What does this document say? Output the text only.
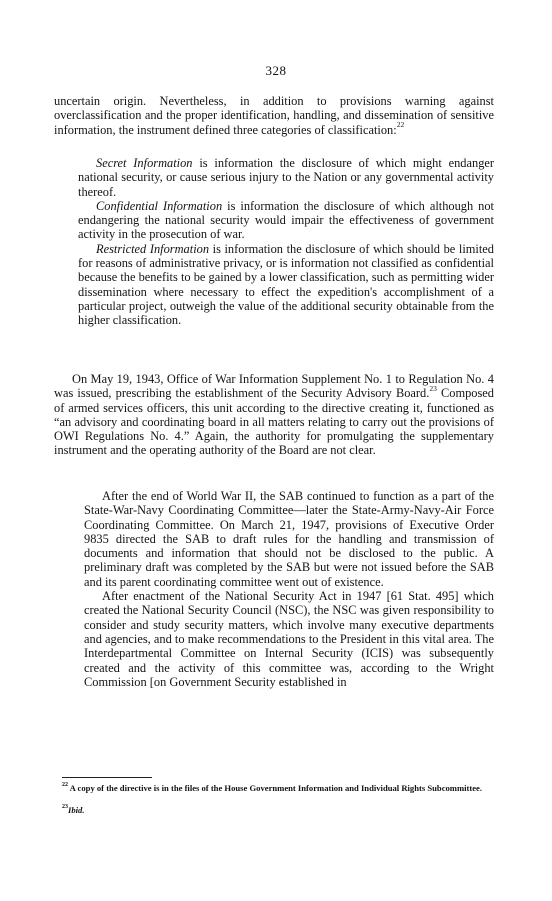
328

uncertain origin. Nevertheless, in addition to provisions warning against overclassification and the proper identification, handling, and dissemination of sensitive information, the instrument defined three categories of classification:$^{22}$

Secret Information is information the disclosure of which might endanger national security, or cause serious injury to the Nation or any governmental activity thereof.

Confidential Information is information the disclosure of which although not endangering the national security would impair the effectiveness of government activity in the prosecution of war.

Restricted Information is information the disclosure of which should be limited for reasons of administrative privacy, or is information not classified as confidential because the benefits to be gained by a lower classification, such as permitting wider dissemination where necessary to effect the expedition's accomplishment of a particular project, outweigh the value of the additional security obtainable from the higher classification.

On May 19, 1943, Office of War Information Supplement No. 1 to Regulation No. 4 was issued, prescribing the establishment of the Security Advisory Board.$^{23}$ Composed of armed services officers, this unit according to the directive creating it, functioned as “an advisory and coordinating board in all matters relating to carry out the provisions of OWI Regulations No. 4.” Again, the authority for promulgating the supplementary instrument and the operating authority of the Board are not clear.

After the end of World War II, the SAB continued to function as a part of the State-War-Navy Coordinating Committee—later the State-Army-Navy-Air Force Coordinating Committee. On March 21, 1947, provisions of Executive Order 9835 directed the SAB to draft rules for the handling and transmission of documents and information that should not be disclosed to the public. A preliminary draft was completed by the SAB but were not issued before the SAB and its parent coordinating committee went out of existence.

After enactment of the National Security Act in 1947 [61 Stat. 495] which created the National Security Council (NSC), the NSC was given responsibility to consider and study security matters, which involve many executive departments and agencies, and to make recommendations to the President in this vital area. The Interdepartmental Committee on Internal Security (ICIS) was subsequently created and the activity of this committee was, according to the Wright Commission [on Government Security established in

$^{22}$ A copy of the directive is in the files of the House Government Information and Individual Rights Subcommittee.

$^{23}$Ibid.
